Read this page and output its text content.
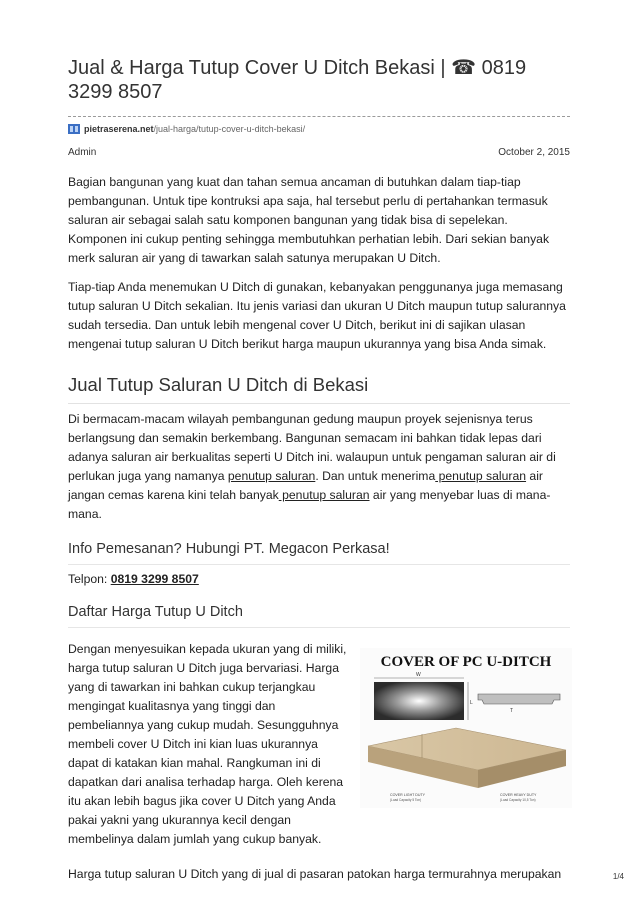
Jual & Harga Tutup Cover U Ditch Bekasi | ☎ 0819 3299 8507
pietraserena.net /jual-harga/tutup-cover-u-ditch-bekasi/
Admin	October 2, 2015

Bagian bangunan yang kuat dan tahan semua ancaman di butuhkan dalam tiap-tiap pembangunan. Untuk tipe kontruksi apa saja, hal tersebut perlu di pertahankan termasuk saluran air sebagai salah satu komponen bangunan yang tidak bisa di sepelekan. Komponen ini cukup penting sehingga membutuhkan perhatian lebih. Dari sekian banyak merk saluran air yang di tawarkan salah satunya merupakan U Ditch.

Tiap-tiap Anda menemukan U Ditch di gunakan, kebanyakan penggunanya juga memasang tutup saluran U Ditch sekalian. Itu jenis variasi dan ukuran U Ditch maupun tutup salurannya sudah tersedia. Dan untuk lebih mengenal cover U Ditch, berikut ini di sajikan ulasan mengenai tutup saluran U Ditch berikut harga maupun ukurannya yang bisa Anda simak.

Jual Tutup Saluran U Ditch di Bekasi

Di bermacam-macam wilayah pembangunan gedung maupun proyek sejenisnya terus berlangsung dan semakin berkembang. Bangunan semacam ini bahkan tidak lepas dari adanya saluran air berkualitas seperti U Ditch ini. walaupun untuk pengaman saluran air di perlukan juga yang namanya penutup saluran. Dan untuk menerima penutup saluran air jangan cemas karena kini telah banyak penutup saluran air yang menyebar luas di mana-mana.

Info Pemesanan? Hubungi PT. Megacon Perkasa!
Telpon: 0819 3299 8507
Daftar Harga Tutup U Ditch

Dengan menyesuikan kepada ukuran yang di miliki, harga tutup saluran U Ditch juga bervariasi. Harga yang di tawarkan ini bahkan cukup terjangkau mengingat kualitasnya yang tinggi dan pembeliannya yang cukup mudah. Sesungguhnya membeli cover U Ditch ini kian luas ukurannya dapat di katakan kian mahal. Rangkuman ini di dapatkan dari analisa terhadap harga. Oleh kerena itu akan lebih bagus jika cover U Ditch yang Anda pakai yakni yang ukurannya kecil dengan membelinya dalam jumlah yang cukup banyak.

COVER OF PC U-DITCH
W
L
T
COVER LIGHT DUTY
(Load Capacity 5 Ton)
COVER HEAVY DUTY
(Load Capacity 10,5 Ton)

Harga tutup saluran U Ditch yang di jual di pasaran patokan harga termurahnya merupakan	1/4
